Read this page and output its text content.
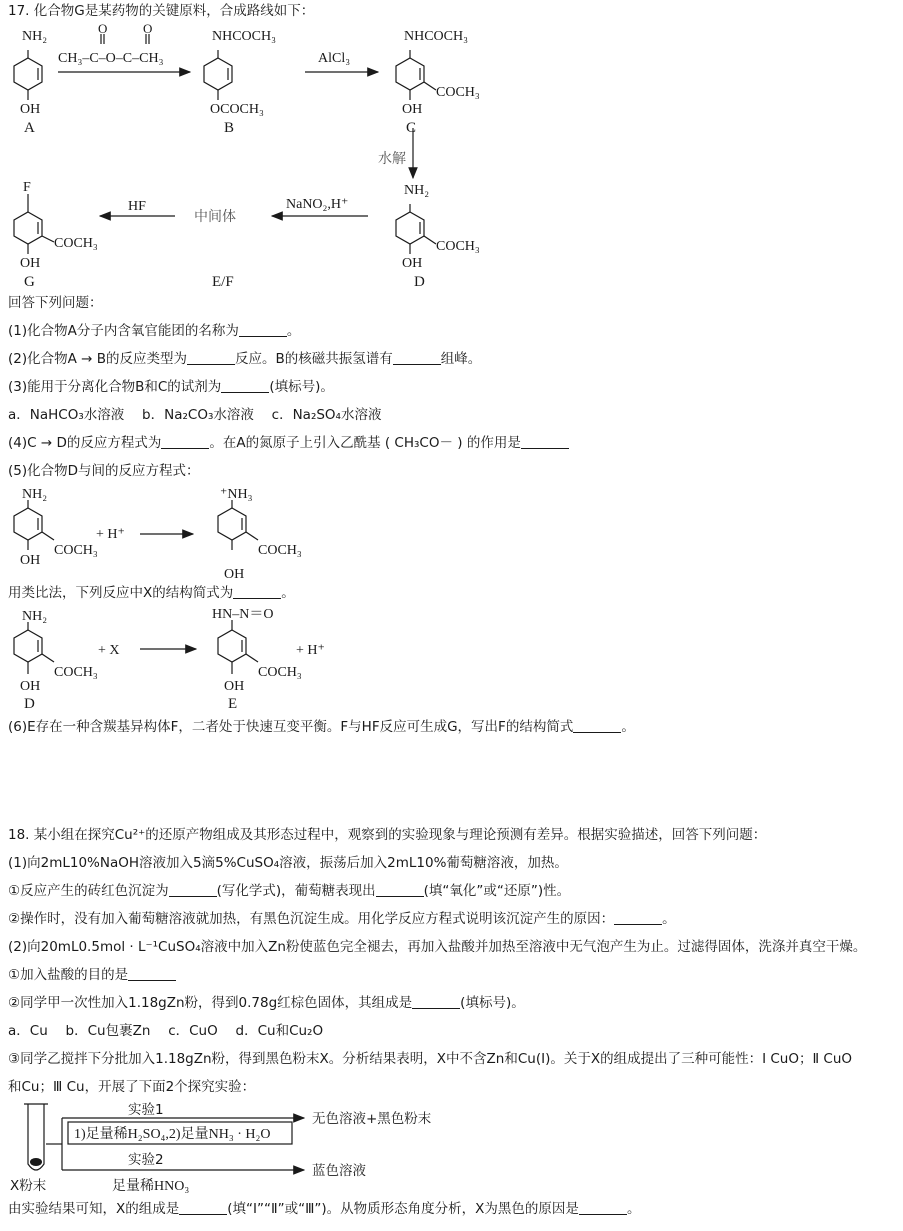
17. 化合物G是某药物的关键原料，合成路线如下：
NH₂
OH
A
O	O
CH₃–C–O–C–CH₃
NHCOCH₃
OCOCH₃
B
AlCl₃
NHCOCH₃
COCH₃
OH
C
水解
NH₂
COCH₃
OH
D
NaNO₂,H⁺
中间体
HF
F
COCH₃
OH
G	E/F
回答下列问题：
(1)化合物A分子内含氧官能团的名称为	。
(2)化合物A → B的反应类型为	反应。B的核磁共振氢谱有	组峰。
(3)能用于分离化合物B和C的试剂为	(填标号)。
a．NaHCO₃水溶液　 b．Na₂CO₃水溶液　 c．Na₂SO₄水溶液
(4)C → D的反应方程式为	。在A的氮原子上引入乙酰基 ( CH₃CO－ ) 的作用是
(5)化合物D与间的反应方程式：
NH₂
COCH₃
OH
+ H⁺
⁺NH₃
COCH₃
OH
用类比法，下列反应中X的结构简式为	。
NH₂
COCH₃
OH
D
+ X
HN–N＝O
COCH₃
OH
E
+ H⁺
(6)E存在一种含羰基异构体F，二者处于快速互变平衡。F与HF反应可生成G，写出F的结构简式	。
18. 某小组在探究Cu²⁺的还原产物组成及其形态过程中，观察到的实验现象与理论预测有差异。根据实验描述，回答下列问题：
(1)向2mL10%NaOH溶液加入5滴5%CuSO₄溶液，振荡后加入2mL10%葡萄糖溶液，加热。
①反应产生的砖红色沉淀为	(写化学式)，葡萄糖表现出	(填“氧化”或“还原”)性。
②操作时，没有加入葡萄糖溶液就加热，有黑色沉淀生成。用化学反应方程式说明该沉淀产生的原因：	。
(2)向20mL0.5mol · L⁻¹CuSO₄溶液中加入Zn粉使蓝色完全褪去，再加入盐酸并加热至溶液中无气泡产生为止。过滤得固体，洗涤并真空干燥。
①加入盐酸的目的是
②同学甲一次性加入1.18gZn粉，得到0.78g红棕色固体，其组成是	(填标号)。
a．Cu　 b．Cu包裹Zn　 c．CuO　 d．Cu和Cu₂O
③同学乙搅拌下分批加入1.18gZn粉，得到黑色粉末X。分析结果表明，X中不含Zn和Cu(Ⅰ)。关于X的组成提出了三种可能性：Ⅰ CuO；Ⅱ CuO
和Cu；Ⅲ Cu，开展了下面2个探究实验：
实验1
1)足量稀H₂SO₄,2)足量NH₃ · H₂O
无色溶液+黑色粉末
实验2
足量稀HNO₃
蓝色溶液
X粉末
由实验结果可知，X的组成是	(填“Ⅰ”“Ⅱ”或“Ⅲ”)。从物质形态角度分析，X为黑色的原因是	。
